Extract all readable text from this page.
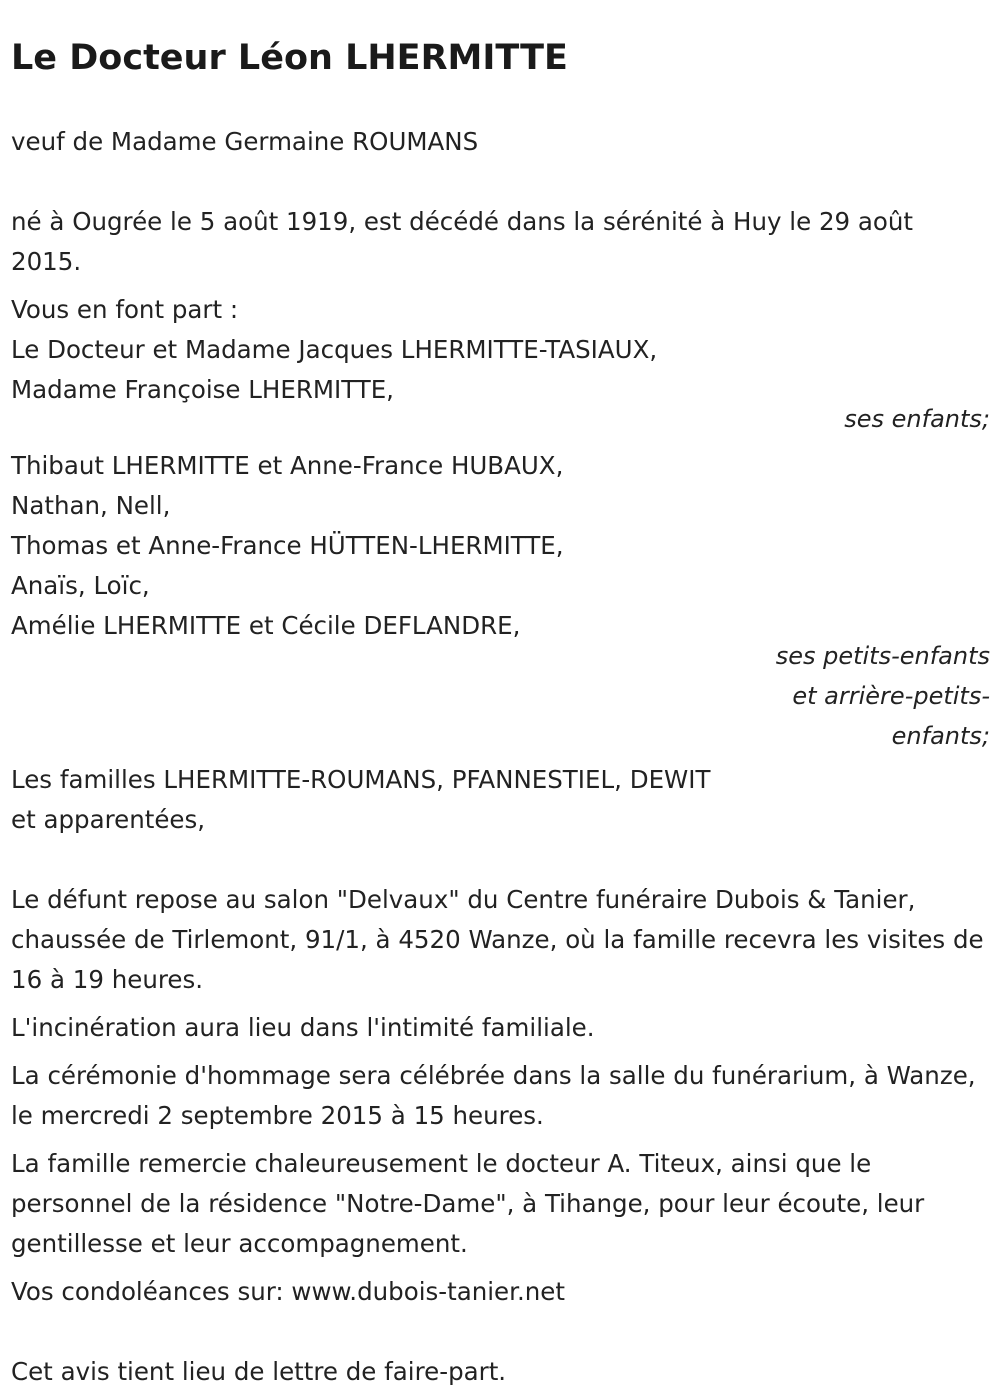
Le Docteur Léon LHERMITTE

veuf de Madame Germaine ROUMANS

né à Ougrée le 5 août 1919, est décédé dans la sérénité à Huy le 29 août 2015.

Vous en font part :

Le Docteur et Madame Jacques LHERMITTE-TASIAUX,
Madame Françoise LHERMITTE,

ses enfants;

Thibaut LHERMITTE et Anne-France HUBAUX,
Nathan, Nell,
Thomas et Anne-France HÜTTEN-LHERMITTE,
Anaïs, Loïc,
Amélie LHERMITTE et Cécile DEFLANDRE,

ses petits-enfants et arrière-petits-enfants;

Les familles LHERMITTE-ROUMANS, PFANNESTIEL, DEWIT
et apparentées,

Le défunt repose au salon "Delvaux" du Centre funéraire Dubois & Tanier, chaussée de Tirlemont, 91/1, à 4520 Wanze, où la famille recevra les visites de 16 à 19 heures.

L'incinération aura lieu dans l'intimité familiale.

La cérémonie d'hommage sera célébrée dans la salle du funérarium, à Wanze, le mercredi 2 septembre 2015 à 15 heures.

La famille remercie chaleureusement le docteur A. Titeux, ainsi que le personnel de la résidence "Notre-Dame", à Tihange, pour leur écoute, leur gentillesse et leur accompagnement.

Vos condoléances sur: www.dubois-tanier.net

Cet avis tient lieu de lettre de faire-part.
